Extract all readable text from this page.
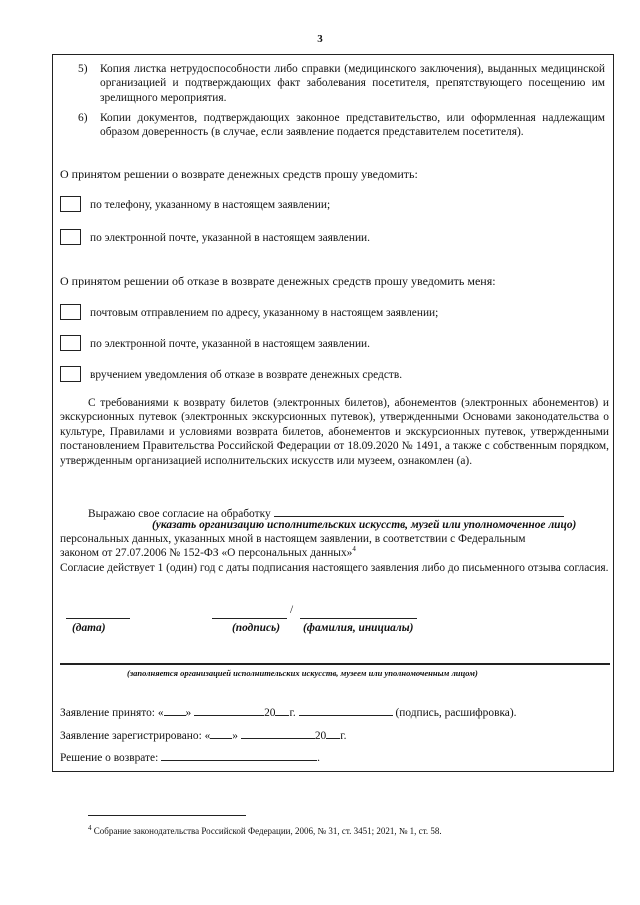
3
5)	Копия листка нетрудоспособности либо справки (медицинского заключения), выданных медицинской организацией и подтверждающих факт заболевания посетителя, препятствующего посещению им зрелищного мероприятия.
6)	Копии документов, подтверждающих законное представительство, или оформленная надлежащим образом доверенность (в случае, если заявление подается представителем посетителя).
О принятом решении о возврате денежных средств прошу уведомить:
по телефону, указанному в настоящем заявлении;
по электронной почте, указанной в настоящем заявлении.
О принятом решении об отказе в возврате денежных средств прошу уведомить меня:
почтовым отправлением по адресу, указанному в настоящем заявлении;
по электронной почте, указанной в настоящем заявлении.
вручением уведомления об отказе в возврате денежных средств.
С требованиями к возврату билетов (электронных билетов), абонементов (электронных абонементов) и экскурсионных путевок (электронных экскурсионных путевок), утвержденными Основами законодательства о культуре, Правилами и условиями возврата билетов, абонементов и экскурсионных путевок, утвержденными постановлением Правительства Российской Федерации от 18.09.2020 № 1491, а также с собственным порядком, утвержденным организацией исполнительских искусств или музеем, ознакомлен (а).
Выражаю свое согласие на обработку
(указать организацию исполнительских искусств, музей или уполномоченное лицо)
персональных данных, указанных мной в настоящем заявлении, в соответствии с Федеральным
законом от 27.07.2006 № 152-ФЗ «О персональных данных»$^4$
Согласие действует 1 (один) год с даты подписания настоящего заявления либо до письменного отзыва согласия.
/
(дата)	(подпись) (фамилия, инициалы)
(заполняется организацией исполнительских искусств, музеем или уполномоченным лицом)
Заявление принято: « »	20 г.	(подпись, расшифровка).
Заявление зарегистрировано: « »	20 г.
Решение о возврате:	.
$^4$ Собрание законодательства Российской Федерации, 2006, № 31, ст. 3451; 2021, № 1, ст. 58.
